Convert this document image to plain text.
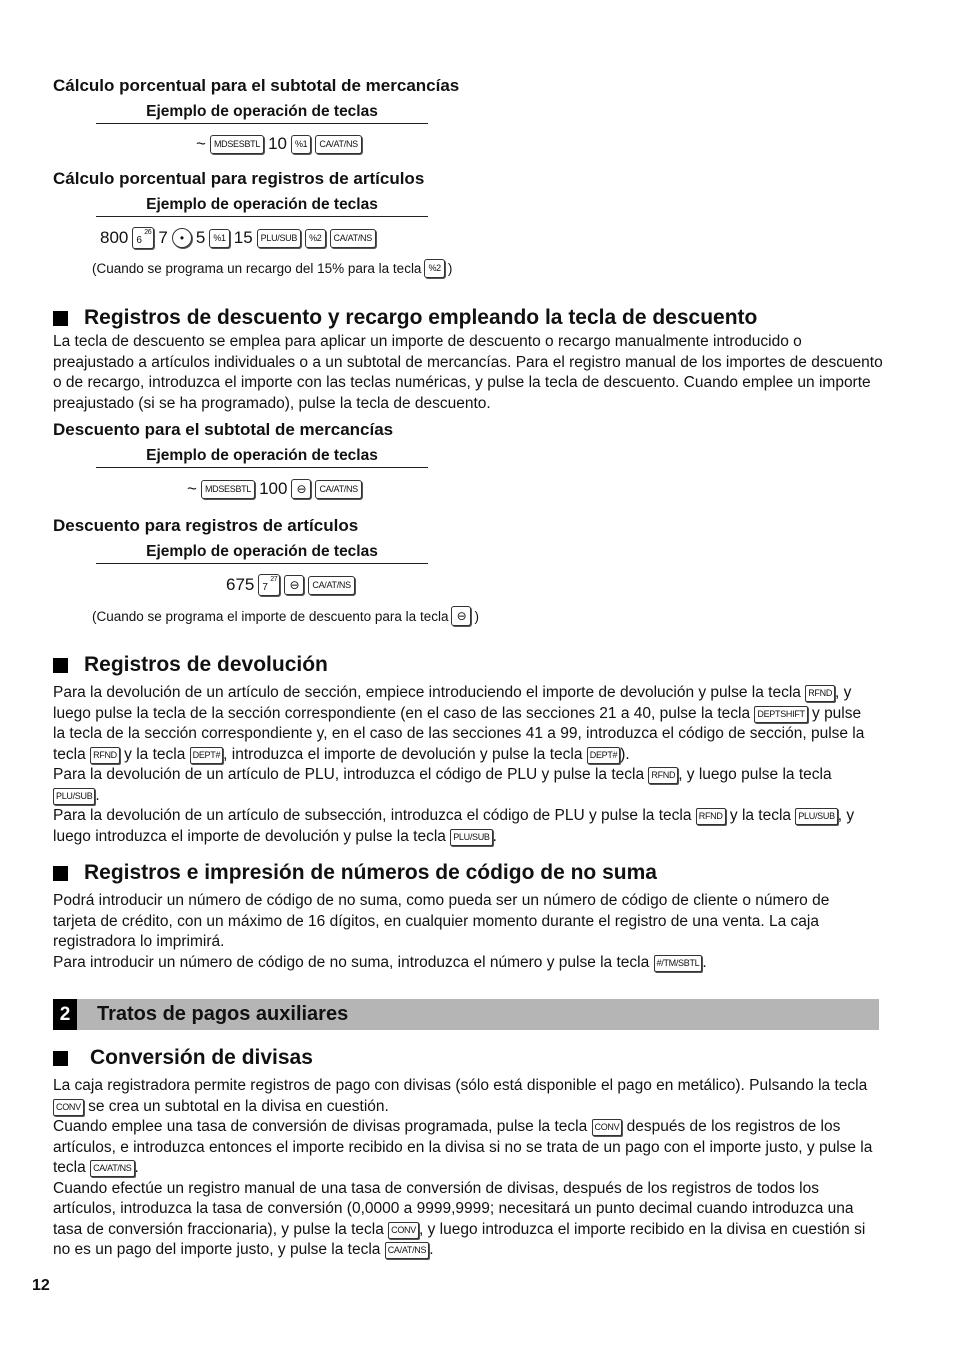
Cálculo porcentual para el subtotal de mercancías
Ejemplo de operación de teclas
~ MDSESBTL 10 %1	CA/AT/NS
Cálculo porcentual para registros de artículos
Ejemplo de operación de teclas
800 6
26 7	• 5 %1 15 PLU/SUB	%2	CA/AT/NS
(Cuando se programa un recargo del 15% para la tecla %2 )
Registros de descuento y recargo empleando la tecla de descuento

La tecla de descuento se emplea para aplicar un importe de descuento o recargo manualmente introducido o preajustado a artículos individuales o a un subtotal de mercancías. Para el registro manual de los importes de descuento o de recargo, introduzca el importe con las teclas numéricas, y pulse la tecla de descuento. Cuando emplee un importe preajustado (si se ha programado), pulse la tecla de descuento.

Descuento para el subtotal de mercancías
Ejemplo de operación de teclas
~ MDSESBTL 100 ⊖	CA/AT/NS
Descuento para registros de artículos
Ejemplo de operación de teclas
675 7
27	⊖	CA/AT/NS
(Cuando se programa el importe de descuento para la tecla ⊖ )
Registros de devolución

Para la devolución de un artículo de sección, empiece introduciendo el importe de devolución y pulse la tecla RFND , y luego pulse la tecla de la sección correspondiente (en el caso de las secciones 21 a 40, pulse la tecla DEPTSHIFT y pulse la tecla de la sección correspondiente y, en el caso de las secciones 41 a 99, introduzca el código de sección, pulse la tecla RFND y la tecla DEPT# , introduzca el importe de devolución y pulse la tecla DEPT# ).

Para la devolución de un artículo de PLU, introduzca el código de PLU y pulse la tecla RFND , y luego pulse la tecla PLU/SUB .

Para la devolución de un artículo de subsección, introduzca el código de PLU y pulse la tecla RFND y la tecla PLU/SUB , y luego introduzca el importe de devolución y pulse la tecla PLU/SUB .

Registros e impresión de números de código de no suma

Podrá introducir un número de código de no suma, como pueda ser un número de código de cliente o número de tarjeta de crédito, con un máximo de 16 dígitos, en cualquier momento durante el registro de una venta. La caja registradora lo imprimirá.

Para introducir un número de código de no suma, introduzca el número y pulse la tecla #/TM/SBTL .

2	Tratos de pagos auxiliares
Conversión de divisas

La caja registradora permite registros de pago con divisas (sólo está disponible el pago en metálico). Pulsando la tecla CONV se crea un subtotal en la divisa en cuestión.

Cuando emplee una tasa de conversión de divisas programada, pulse la tecla CONV después de los registros de los artículos, e introduzca entonces el importe recibido en la divisa si no se trata de un pago con el importe justo, y pulse la tecla CA/AT/NS .

Cuando efectúe un registro manual de una tasa de conversión de divisas, después de los registros de todos los artículos, introduzca la tasa de conversión (0,0000 a 9999,9999; necesitará un punto decimal cuando introduzca una tasa de conversión fraccionaria), y pulse la tecla CONV , y luego introduzca el importe recibido en la divisa en cuestión si no es un pago del importe justo, y pulse la tecla CA/AT/NS .

12
